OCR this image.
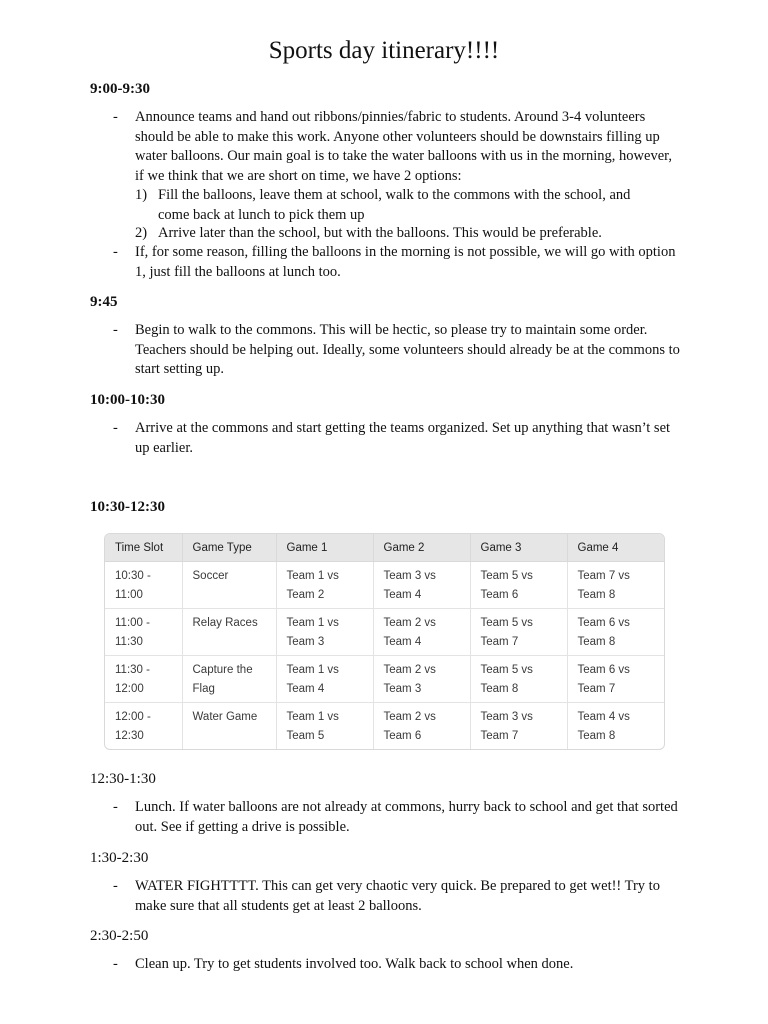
Sports day itinerary!!!!
9:00-9:30
- Announce teams and hand out ribbons/pinnies/fabric to students. Around 3-4 volunteers should be able to make this work. Anyone other volunteers should be downstairs filling up water balloons. Our main goal is to take the water balloons with us in the morning, however, if we think that we are short on time, we have 2 options:
1) Fill the balloons, leave them at school, walk to the commons with the school, and come back at lunch to pick them up
2) Arrive later than the school, but with the balloons. This would be preferable.
- If, for some reason, filling the balloons in the morning is not possible, we will go with option 1, just fill the balloons at lunch too.
9:45
- Begin to walk to the commons. This will be hectic, so please try to maintain some order. Teachers should be helping out. Ideally, some volunteers should already be at the commons to start setting up.
10:00-10:30
- Arrive at the commons and start getting the teams organized. Set up anything that wasn’t set up earlier.
10:30-12:30
Time Slot	Game Type	Game 1	Game 2	Game 3	Game 4
10:30 - 11:00	Soccer	Team 1 vs Team 2	Team 3 vs Team 4	Team 5 vs Team 6	Team 7 vs Team 8
11:00 - 11:30	Relay Races	Team 1 vs Team 3	Team 2 vs Team 4	Team 5 vs Team 7	Team 6 vs Team 8
11:30 - 12:00	Capture the Flag	Team 1 vs Team 4	Team 2 vs Team 3	Team 5 vs Team 8	Team 6 vs Team 7
12:00 - 12:30	Water Game	Team 1 vs Team 5	Team 2 vs Team 6	Team 3 vs Team 7	Team 4 vs Team 8
12:30-1:30
- Lunch. If water balloons are not already at commons, hurry back to school and get that sorted out. See if getting a drive is possible.
1:30-2:30
- WATER FIGHTTTT. This can get very chaotic very quick. Be prepared to get wet!! Try to make sure that all students get at least 2 balloons.
2:30-2:50
- Clean up. Try to get students involved too. Walk back to school when done.
